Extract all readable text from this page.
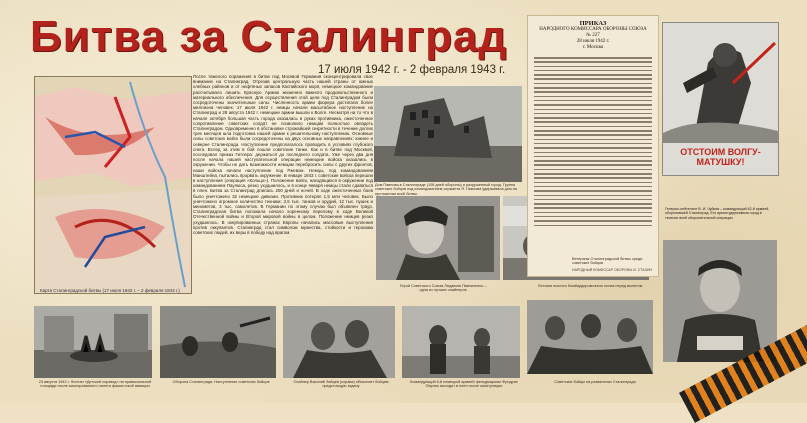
Битва за Сталинград
17 июля 1942 г. - 2 февраля 1943 г.
Карта Сталинградской битвы (17 июля 1942 г. – 2 февраля 1943 г.)
После тяжелого поражения в битве под Москвой Германия сконцентрировала свое внимание на Сталинград. Отрезав центральную часть нашей страны от южных хлебных районов и от нефтяных запасов Каспийского моря, немецкое командование рассчитывало лишить Красную Армию жизненно важного продовольственного и материального обеспечения. Для осуществления этой цели под Сталинградом были сосредоточены значительные силы. Численность армии фюрера достигала более миллиона человек. 17 июля 1942 г. немцы начали масштабное наступление на Сталинград и 28 августа 1942 г. немецкие армии вышли к Волге. Несмотря на то что в начале октября большая часть города оказалась в руках противника, ожесточенное сопротивление советских солдат не позволило немцам полностью овладеть Сталинградом. Одновременно в обстановке строжайшей секретности в течение долгих трех месяцев шла подготовка нашей армии к решительному наступлению. Основные силы советских войск были сосредоточены на двух основных направлениях: южнее и северне Сталинграда. Наступление предполагалось проводить в условиях глубокого снега. Вслед за этим в бой пошли советские танки. Как и в битве под Москвой, последовал приказ Гитлера: держаться до последнего солдата. Уже через два дня после начала нашей наступательной операции немецкие войска оказались в окружении. Чтобы не дать возможности немцам перебросить силы с других фронтов, наши войска начали наступление под Ржевом. Немцы, под командованием Манштейна, пытались прорвать окружение. В январе 1943 г. советские войска перешли в наступление (операция «Кольцо»). Положение войск, находящихся в окружении под командованием Паулюса, резко ухудшилось, и в конце января немцы стали сдаваться в плен. Битва за Сталинград длилась 200 дней и ночей. В ходе ожесточенных боев было уничтожено 32 немецкие дивизии. Противник потерял 1,5 млн человек. Было уничтожено огромное количество техники: 3,5 тыс. танков и орудий, 12 тыс. пушек и минометов, 3 тыс. самолетов. В Германии по этому случаю был объявлен траур. Сталинградская битва положила начало коренному перелому в ходе Великой Отечественной войны и Второй мировой войны в целом. Положение немцев резко ухудшилось. В оккупированных странах Европы начались массовые выступления против оккупантов. Сталинград стал символом мужества, стойкости и героизма советских людей, их веры в победу над врагом.
Дом Павлова в Сталинграде (108 дней обороны) и разрушенный город. Группа советских бойцов под командованием сержанта Я. Павлова удерживала дом на протяжении всей битвы.
Герой Советского Союза Людмила Павличенко – одна из лучших снайперов
Летчики ночного бомбардировочного полка перед вылетом
ПРИКАЗ
НАРОДНОГО КОМИССАРА ОБОРОНЫ СОЮЗА
№ 227
28 июля 1942 г.
г. Москва
НАРОДНЫЙ КОМИССАР ОБОРОНЫ И. СТАЛИН
ОТСТОИМ ВОЛГУ-МАТУШКУ!
Генерал-лейтенант В. И. Чуйков – командующий 62-й армией, оборонявшей Сталинград. Его армия удерживала город в течение всей оборонительной операции.
Ветераны Сталинградской битвы среди советских бойцов
23 августа 1942 г. Фонтан «Детский хоровод» на привокзальной площади после массированного налета фашистской авиации
Оборона Сталинграда. Наступление советских бойцов	Снайпер Василий Зайцев (справа) объясняет бойцам предстоящую задачу
Командующий 6-й немецкой армией фельдмаршал Фридрих Паулюс выходит в плен после капитуляции
Советские бойцы на развалинах Сталинграда
